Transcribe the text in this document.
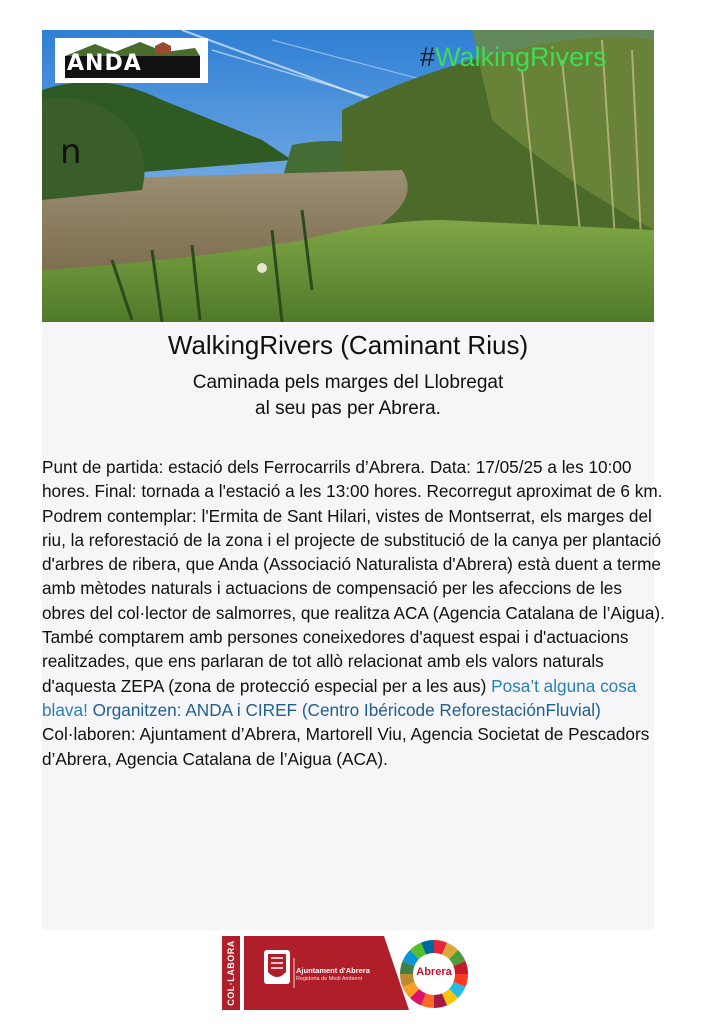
ANDA	#WalkingRivers
n
WalkingRivers (Caminant Rius)
Caminada pels marges del Llobregat
al seu pas per Abrera.
Punt de partida: estació dels Ferrocarrils d’Abrera. Data: 17/05/25 a les 10:00 hores. Final: tornada a l'estació a les 13:00 hores. Recorregut aproximat de 6 km. Podrem contemplar: l'Ermita de Sant Hilari, vistes de Montserrat, els marges del riu, la reforestació de la zona i el projecte de substitució de la canya per plantació d'arbres de ribera, que Anda (Associació Naturalista d'Abrera) està duent a terme amb mètodes naturals i actuacions de compensació per les afeccions de les obres del col·lector de salmorres, que realitza ACA (Agencia Catalana de l’Aigua). També comptarem amb persones coneixedores d'aquest espai i d'actuacions realitzades, que ens parlaran de tot allò relacionat amb els valors naturals d'aquesta ZEPA (zona de protecció especial per a les aus) Posa’t alguna cosa blava! Organitzen: ANDA i CIREF (Centro Ibéricode ReforestaciónFluvial) Col·laboren: Ajuntament d’Abrera, Martorell Viu, Agencia Societat de Pescadors d’Abrera, Agencia Catalana de l’Aigua (ACA).
COL·LABORA	Ajuntament d'Abrera
Regidoria de Medi Ambient
Abrera
